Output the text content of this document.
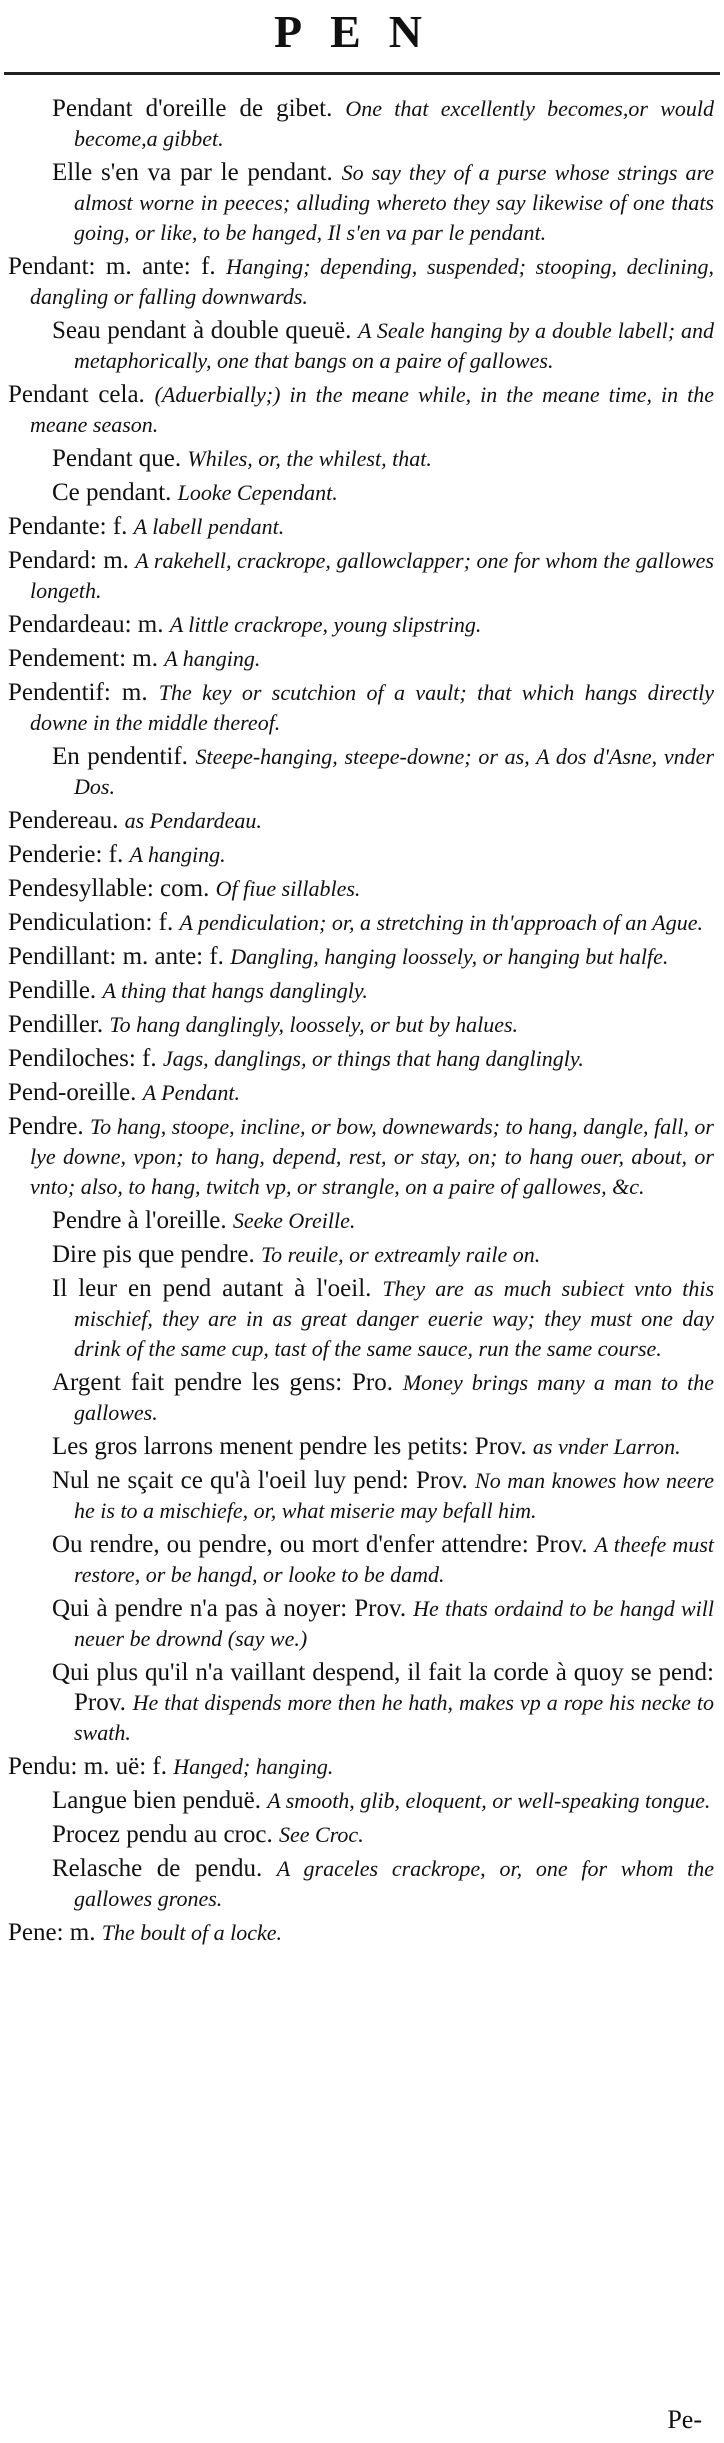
PEN
Pendant d'oreille de gibet. One that excellently becomes,or would become,a gibbet.
Elle s'en va par le pendant. So say they of a purse whose strings are almost worne in peeces; alluding whereto they say likewise of one thats going, or like, to be hanged, Il s'en va par le pendant.
Pendant: m. ante: f. Hanging; depending, suspended; stooping, declining, dangling or falling downwards.
Seau pendant à double queuë. A Seale hanging by a double labell; and metaphorically, one that bangs on a paire of gallowes.
Pendant cela. (Aduerbially;) in the meane while, in the meane time, in the meane season.
Pendant que. Whiles, or, the whilest, that.
Ce pendant. Looke Cependant.
Pendante: f. A labell pendant.
Pendard: m. A rakehell, crackrope, gallowclapper; one for whom the gallowes longeth.
Pendardeau: m. A little crackrope, young slipstring.
Pendement: m. A hanging.
Pendentif: m. The key or scutchion of a vault; that which hangs directly downe in the middle thereof.
En pendentif. Steepe-hanging, steepe-downe; or as, A dos d'Asne, vnder Dos.
Pendereau. as Pendardeau.
Penderie: f. A hanging.
Pendesyllable: com. Of fiue sillables.
Pendiculation: f. A pendiculation; or, a stretching in th'approach of an Ague.
Pendillant: m. ante: f. Dangling, hanging loossely, or hanging but halfe.
Pendille. A thing that hangs danglingly.
Pendiller. To hang danglingly, loossely, or but by halues.
Pendiloches: f. Jags, danglings, or things that hang danglingly.
Pend-oreille. A Pendant.
Pendre. To hang, stoope, incline, or bow, downewards; to hang, dangle, fall, or lye downe, vpon; to hang, depend, rest, or stay, on; to hang ouer, about, or vnto; also, to hang, twitch vp, or strangle, on a paire of gallowes, &c.
Pendre à l'oreille. Seeke Oreille.
Dire pis que pendre. To reuile, or extreamly raile on.
Il leur en pend autant à l'oeil. They are as much subiect vnto this mischief, they are in as great danger euerie way; they must one day drink of the same cup, tast of the same sauce, run the same course.
Argent fait pendre les gens: Pro. Money brings many a man to the gallowes.
Les gros larrons menent pendre les petits: Prov. as vnder Larron.
Nul ne sçait ce qu'à l'oeil luy pend: Prov. No man knowes how neere he is to a mischiefe, or, what miserie may befall him.
Ou rendre, ou pendre, ou mort d'enfer attendre: Prov. A theefe must restore, or be hangd, or looke to be damd.
Qui à pendre n'a pas à noyer: Prov. He thats ordaind to be hangd will neuer be drownd (say we.)
Qui plus qu'il n'a vaillant despend, il fait la corde à quoy se pend: Prov. He that dispends more then he hath, makes vp a rope his necke to swath.
Pendu: m. uë: f. Hanged; hanging.
Langue bien penduë. A smooth, glib, eloquent, or well-speaking tongue.
Procez pendu au croc. See Croc.
Relasche de pendu. A graceles crackrope, or, one for whom the gallowes grones.
Pene: m. The boult of a locke.
Pe-
